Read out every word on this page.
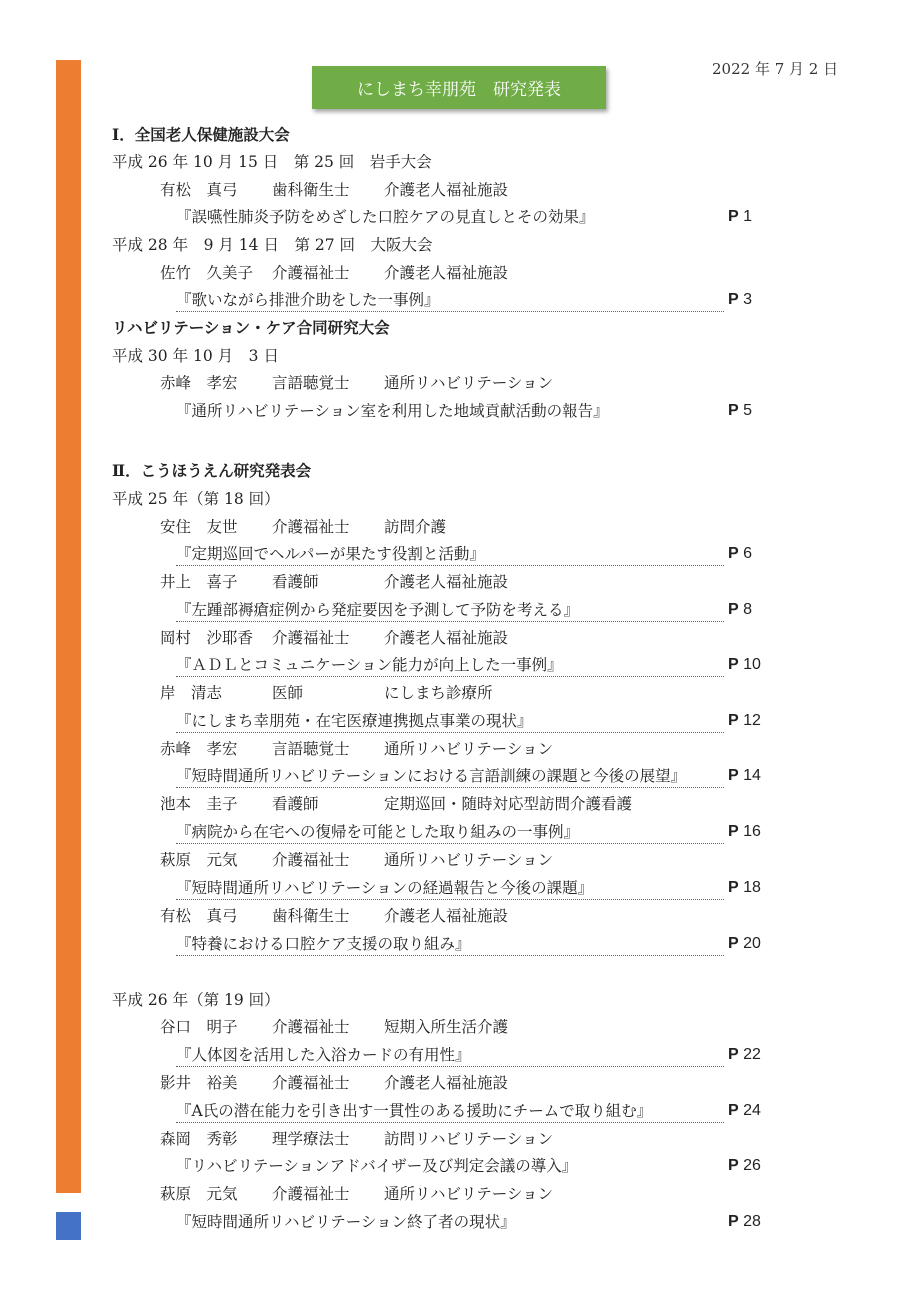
2022 年 7 月 2 日
にしまち幸朋苑　研究発表
Ⅰ．全国老人保健施設大会
平成 26 年 10 月 15 日　第 25 回　岩手大会
有松　真弓 歯科衛生士 介護老人福祉施設
『誤嚥性肺炎予防をめざした口腔ケアの見直しとその効果』	P 1
平成 28 年　9 月 14 日　第 27 回　大阪大会
佐竹　久美子 介護福祉士 介護老人福祉施設
『歌いながら排泄介助をした一事例』	P 3
リハビリテーション・ケア合同研究大会
平成 30 年 10 月　3 日
赤峰　孝宏 言語聴覚士 通所リハビリテーション
『通所リハビリテーション室を利用した地域貢献活動の報告』	P 5
Ⅱ．こうほうえん研究発表会
平成 25 年（第 18 回）
安住　友世 介護福祉士 訪問介護
『定期巡回でヘルパーが果たす役割と活動』	P 6
井上　喜子 看護師	介護老人福祉施設
『左踵部褥瘡症例から発症要因を予測して予防を考える』	P 8
岡村　沙耶香 介護福祉士 介護老人福祉施設
『ＡＤＬとコミュニケーション能力が向上した一事例』	P 10
岸　清志	医師	にしまち診療所
『にしまち幸朋苑・在宅医療連携拠点事業の現状』	P 12
赤峰　孝宏 言語聴覚士 通所リハビリテーション
『短時間通所リハビリテーションにおける言語訓練の課題と今後の展望』	P 14
池本　圭子 看護師	定期巡回・随時対応型訪問介護看護
『病院から在宅への復帰を可能とした取り組みの一事例』	P 16
萩原　元気 介護福祉士 通所リハビリテーション
『短時間通所リハビリテーションの経過報告と今後の課題』	P 18
有松　真弓 歯科衛生士 介護老人福祉施設
『特養における口腔ケア支援の取り組み』	P 20
平成 26 年（第 19 回）
谷口　明子 介護福祉士 短期入所生活介護
『人体図を活用した入浴カードの有用性』	P 22
影井　裕美 介護福祉士 介護老人福祉施設
『A氏の潜在能力を引き出す一貫性のある援助にチームで取り組む』	P 24
森岡　秀彰 理学療法士 訪問リハビリテーション
『リハビリテーションアドバイザー及び判定会議の導入』	P 26
萩原　元気 介護福祉士 通所リハビリテーション
『短時間通所リハビリテーション終了者の現状』	P 28
